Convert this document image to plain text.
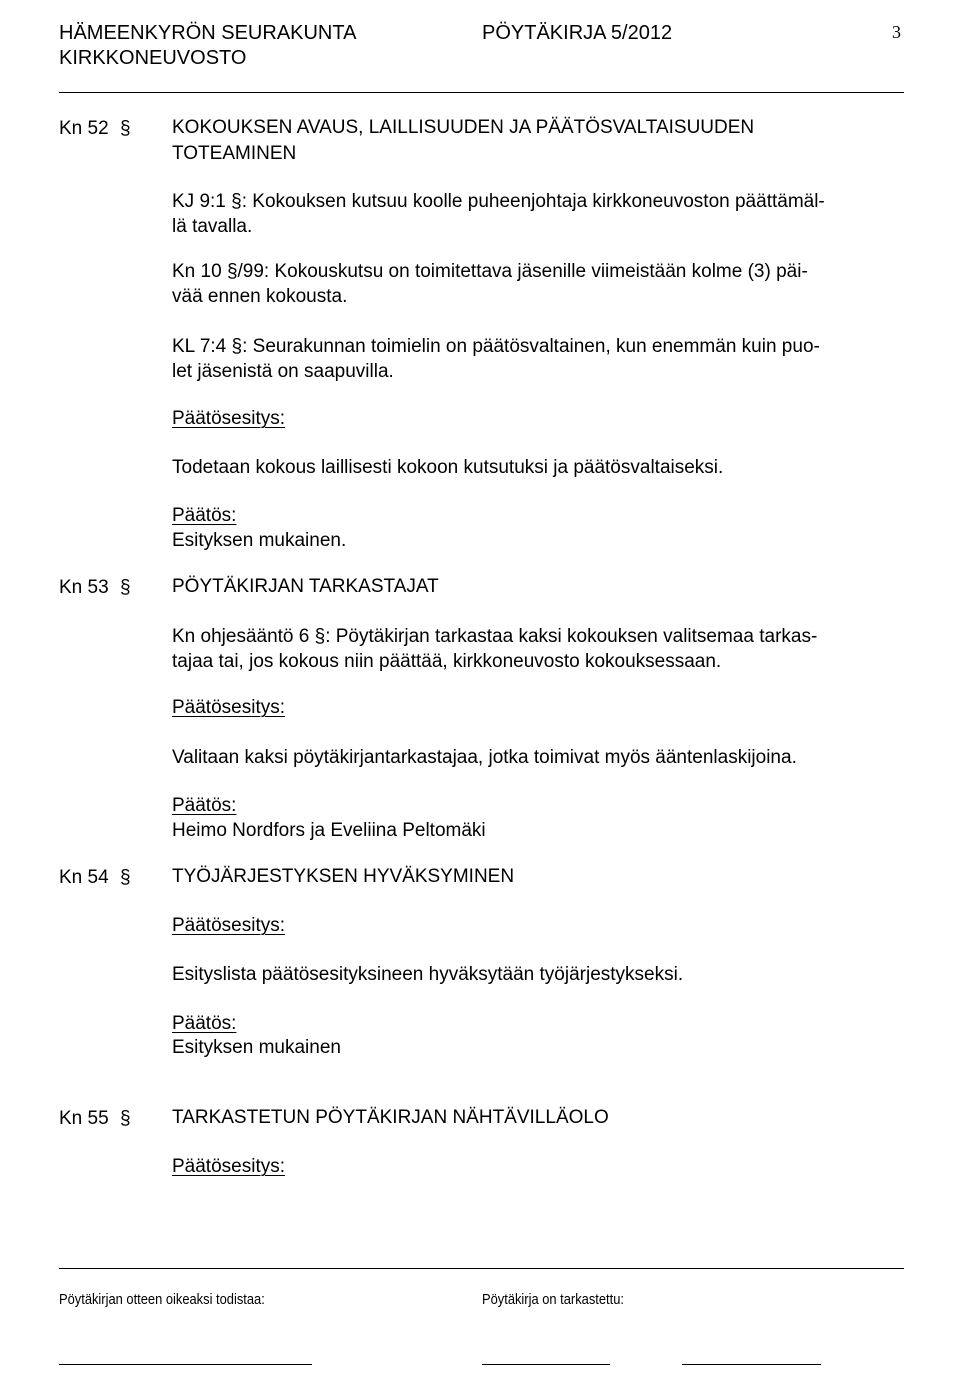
HÄMEENKYRÖN SEURAKUNTA
KIRKKONEUVOSTO
PÖYTÄKIRJA 5/2012	3
Kn 52 § KOKOUKSEN AVAUS, LAILLISUUDEN JA PÄÄTÖSVALTAISUUDEN
TOTEAMINEN
KJ 9:1 §: Kokouksen kutsuu koolle puheenjohtaja kirkkoneuvoston päättämäl-
lä tavalla.
Kn 10 §/99: Kokouskutsu on toimitettava jäsenille viimeistään kolme (3) päi-
vää ennen kokousta.
KL 7:4 §: Seurakunnan toimielin on päätösvaltainen, kun enemmän kuin puo-
let jäsenistä on saapuvilla.
Päätösesitys:
Todetaan kokous laillisesti kokoon kutsutuksi ja päätösvaltaiseksi.
Päätös:
Esityksen mukainen.
Kn 53 § PÖYTÄKIRJAN TARKASTAJAT
Kn ohjesääntö 6 §: Pöytäkirjan tarkastaa kaksi kokouksen valitsemaa tarkas-
tajaa tai, jos kokous niin päättää, kirkkoneuvosto kokouksessaan.
Päätösesitys:
Valitaan kaksi pöytäkirjantarkastajaa, jotka toimivat myös ääntenlaskijoina.
Päätös:
Heimo Nordfors ja Eveliina Peltomäki
Kn 54 § TYÖJÄRJESTYKSEN HYVÄKSYMINEN
Päätösesitys:
Esityslista päätösesityksineen hyväksytään työjärjestykseksi.
Päätös:
Esityksen mukainen
Kn 55 § TARKASTETUN PÖYTÄKIRJAN NÄHTÄVILLÄOLO
Päätösesitys:
Pöytäkirjan otteen oikeaksi todistaa:	Pöytäkirja on tarkastettu:
